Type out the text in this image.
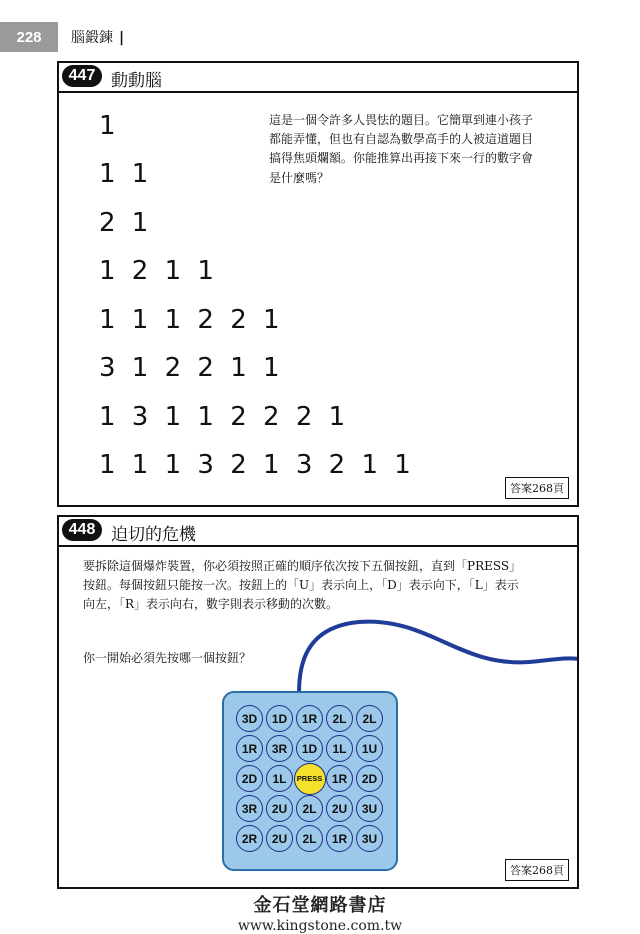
228	腦鍛鍊 |
447 動動腦
1
1 1
2 1
1 2 1 1
1 1 1 2 2 1
3 1 2 2 1 1
1 3 1 1 2 2 2 1
1 1 1 3 2 1 3 2 1 1
這是一個令許多人畏怯的題目。它簡單到連小孩子都能弄懂，但也有自認為數學高手的人被這道題目搞得焦頭爛額。你能推算出再接下來一行的數字會是什麼嗎？
答案268頁
448 迫切的危機
要拆除這個爆炸裝置，你必須按照正確的順序依次按下五個按鈕，直到「PRESS」按鈕。每個按鈕只能按一次。按鈕上的「U」表示向上，「D」表示向下，「L」表示向左，「R」表示向右，數字則表示移動的次數。
你一開始必須先按哪一個按鈕？
3D	1D	1R	2L	2L
1R	3R	1D	1L	1U
2D	1L	PRESS 1R	2D
3R	2U	2L	2U	3U
2R	2U	2L	1R	3U
答案268頁
金石堂網路書店
www.kingstone.com.tw
